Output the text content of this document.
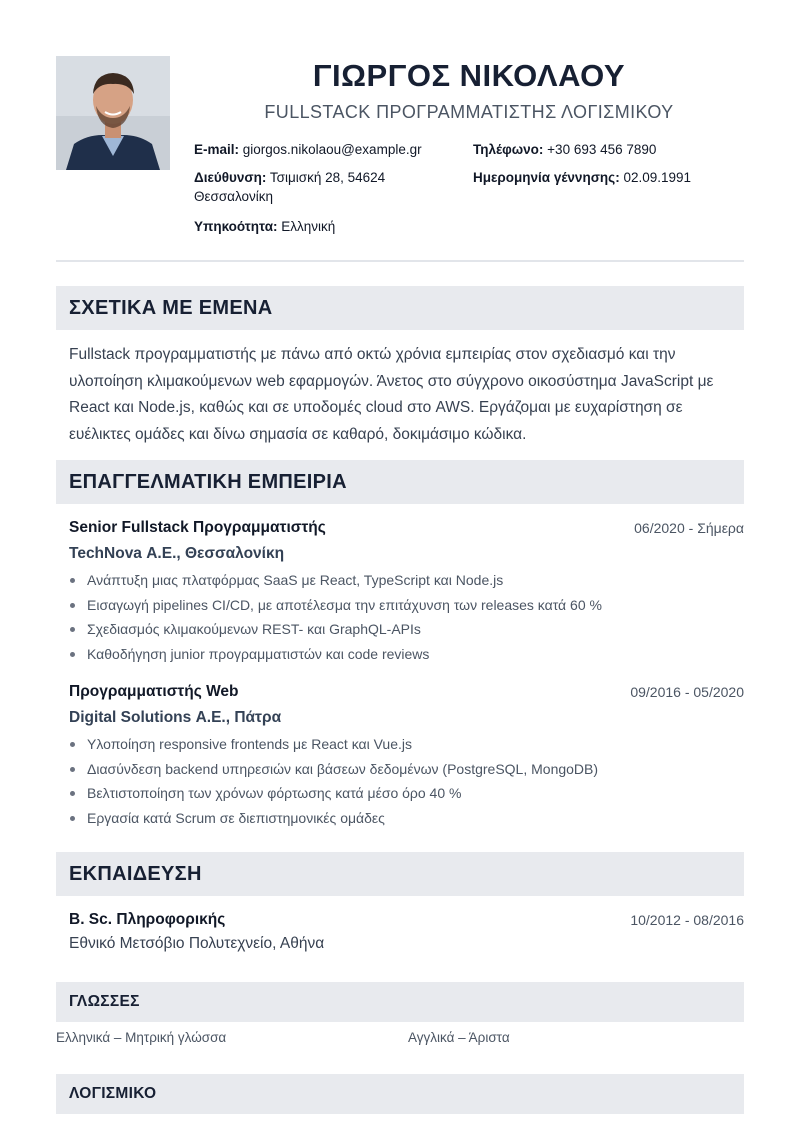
ΓΙΩΡΓΟΣ ΝΙΚΟΛΑΟΥ
FULLSTACK ΠΡΟΓΡΑΜΜΑΤΙΣΤΗΣ ΛΟΓΙΣΜΙΚΟΥ
E-mail: giorgos.nikolaou@example.gr	Τηλέφωνο: +30 693 456 7890
Διεύθυνση: Τσιμισκή 28, 54624 Θεσσαλονίκη
Ημερομηνία γέννησης: 02.09.1991
Υπηκοότητα: Ελληνική
ΣΧΕΤΙΚΑ ΜΕ ΕΜΕΝΑ
Fullstack προγραμματιστής με πάνω από οκτώ χρόνια εμπειρίας στον σχεδιασμό και την υλοποίηση κλιμακούμενων web εφαρμογών. Άνετος στο σύγχρονο οικοσύστημα JavaScript με React και Node.js, καθώς και σε υποδομές cloud στο AWS. Εργάζομαι με ευχαρίστηση σε ευέλικτες ομάδες και δίνω σημασία σε καθαρό, δοκιμάσιμο κώδικα.
ΕΠΑΓΓΕΛΜΑΤΙΚΗ ΕΜΠΕΙΡΙΑ
Senior Fullstack Προγραμματιστής	06/2020 - Σήμερα
TechNova Α.Ε., Θεσσαλονίκη
Ανάπτυξη μιας πλατφόρμας SaaS με React, TypeScript και Node.js
Εισαγωγή pipelines CI/CD, με αποτέλεσμα την επιτάχυνση των releases κατά 60 %
Σχεδιασμός κλιμακούμενων REST- και GraphQL-APIs
Καθοδήγηση junior προγραμματιστών και code reviews
Προγραμματιστής Web	09/2016 - 05/2020
Digital Solutions Α.Ε., Πάτρα
Υλοποίηση responsive frontends με React και Vue.js
Διασύνδεση backend υπηρεσιών και βάσεων δεδομένων (PostgreSQL, MongoDB)
Βελτιστοποίηση των χρόνων φόρτωσης κατά μέσο όρο 40 %
Εργασία κατά Scrum σε διεπιστημονικές ομάδες
ΕΚΠΑΙΔΕΥΣΗ
B. Sc. Πληροφορικής	10/2012 - 08/2016
Εθνικό Μετσόβιο Πολυτεχνείο, Αθήνα
ΓΛΩΣΣΕΣ
Ελληνικά – Μητρική γλώσσα	Αγγλικά – Άριστα
ΛΟΓΙΣΜΙΚΟ
